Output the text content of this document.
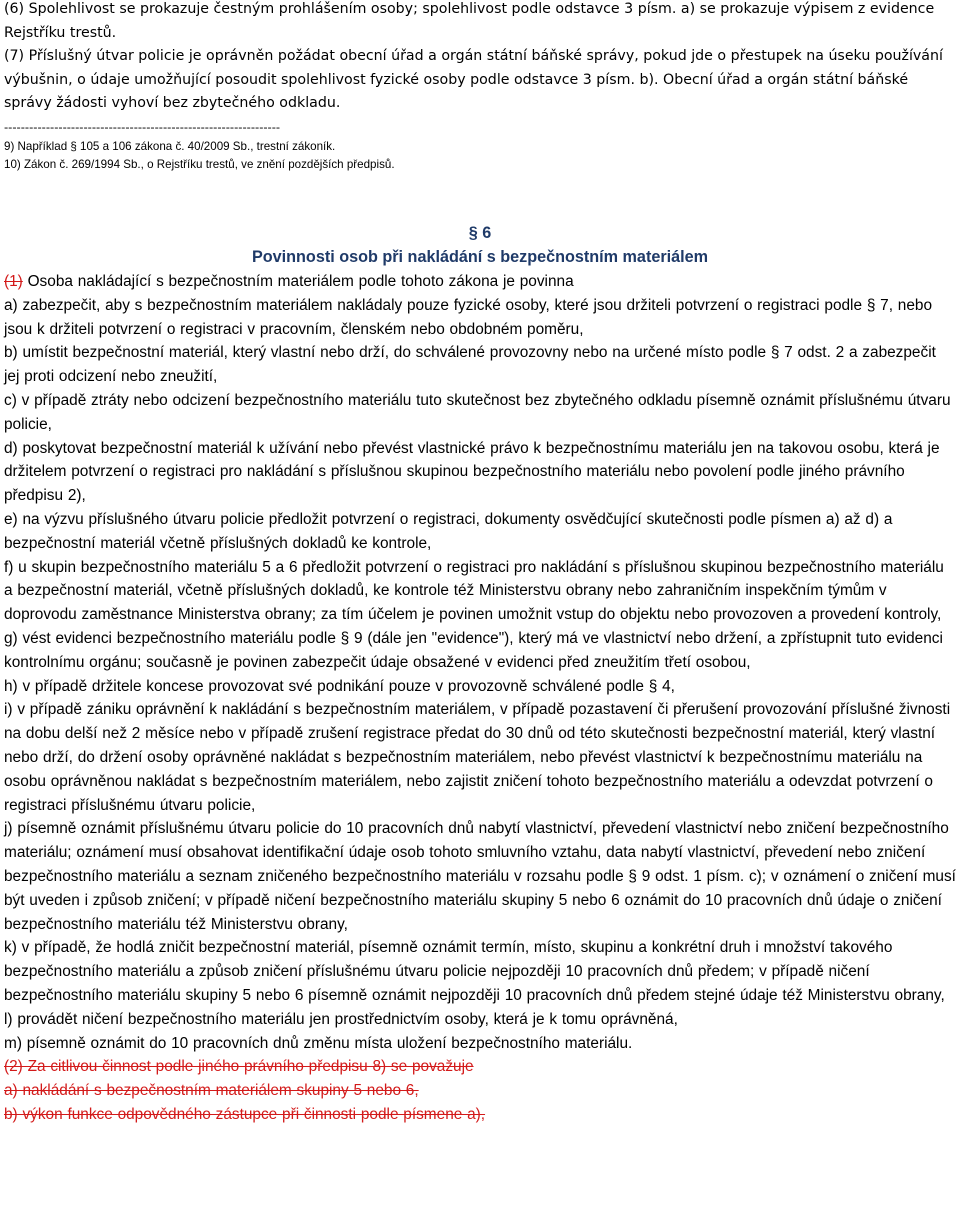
(6) Spolehlivost se prokazuje čestným prohlášením osoby; spolehlivost podle odstavce 3 písm. a) se prokazuje výpisem z evidence Rejstříku trestů.
(7) Příslušný útvar policie je oprávněn požádat obecní úřad a orgán státní báňské správy, pokud jde o přestupek na úseku používání výbušnin, o údaje umožňující posoudit spolehlivost fyzické osoby podle odstavce 3 písm. b). Obecní úřad a orgán státní báňské správy žádosti vyhoví bez zbytečného odkladu.
------------------------------------------------------------------
9) Například § 105 a 106 zákona č. 40/2009 Sb., trestní zákoník.
10) Zákon č. 269/1994 Sb., o Rejstříku trestů, ve znění pozdějších předpisů.
§ 6
Povinnosti osob při nakládání s bezpečnostním materiálem

(1) Osoba nakládající s bezpečnostním materiálem podle tohoto zákona je povinna

a) zabezpečit, aby s bezpečnostním materiálem nakládaly pouze fyzické osoby, které jsou držiteli potvrzení o registraci podle § 7, nebo jsou k držiteli potvrzení o registraci v pracovním, členském nebo obdobném poměru,

b) umístit bezpečnostní materiál, který vlastní nebo drží, do schválené provozovny nebo na určené místo podle § 7 odst. 2 a zabezpečit jej proti odcizení nebo zneužití,

c) v případě ztráty nebo odcizení bezpečnostního materiálu tuto skutečnost bez zbytečného odkladu písemně oznámit příslušnému útvaru policie,

d) poskytovat bezpečnostní materiál k užívání nebo převést vlastnické právo k bezpečnostnímu materiálu jen na takovou osobu, která je držitelem potvrzení o registraci pro nakládání s příslušnou skupinou bezpečnostního materiálu nebo povolení podle jiného právního předpisu 2),

e) na výzvu příslušného útvaru policie předložit potvrzení o registraci, dokumenty osvědčující skutečnosti podle písmen a) až d) a bezpečnostní materiál včetně příslušných dokladů ke kontrole,

f) u skupin bezpečnostního materiálu 5 a 6 předložit potvrzení o registraci pro nakládání s příslušnou skupinou bezpečnostního materiálu a bezpečnostní materiál, včetně příslušných dokladů, ke kontrole též Ministerstvu obrany nebo zahraničním inspekčním týmům v doprovodu zaměstnance Ministerstva obrany; za tím účelem je povinen umožnit vstup do objektu nebo provozoven a provedení kontroly,

g) vést evidenci bezpečnostního materiálu podle § 9 (dále jen "evidence"), který má ve vlastnictví nebo držení, a zpřístupnit tuto evidenci kontrolnímu orgánu; současně je povinen zabezpečit údaje obsažené v evidenci před zneužitím třetí osobou,

h) v případě držitele koncese provozovat své podnikání pouze v provozovně schválené podle § 4,

i) v případě zániku oprávnění k nakládání s bezpečnostním materiálem, v případě pozastavení či přerušení provozování příslušné živnosti na dobu delší než 2 měsíce nebo v případě zrušení registrace předat do 30 dnů od této skutečnosti bezpečnostní materiál, který vlastní nebo drží, do držení osoby oprávněné nakládat s bezpečnostním materiálem, nebo převést vlastnictví k bezpečnostnímu materiálu na osobu oprávněnou nakládat s bezpečnostním materiálem, nebo zajistit zničení tohoto bezpečnostního materiálu a odevzdat potvrzení o registraci příslušnému útvaru policie,

j) písemně oznámit příslušnému útvaru policie do 10 pracovních dnů nabytí vlastnictví, převedení vlastnictví nebo zničení bezpečnostního materiálu; oznámení musí obsahovat identifikační údaje osob tohoto smluvního vztahu, data nabytí vlastnictví, převedení nebo zničení bezpečnostního materiálu a seznam zničeného bezpečnostního materiálu v rozsahu podle § 9 odst. 1 písm. c); v oznámení o zničení musí být uveden i způsob zničení; v případě ničení bezpečnostního materiálu skupiny 5 nebo 6 oznámit do 10 pracovních dnů údaje o zničení bezpečnostního materiálu též Ministerstvu obrany,

k) v případě, že hodlá zničit bezpečnostní materiál, písemně oznámit termín, místo, skupinu a konkrétní druh i množství takového bezpečnostního materiálu a způsob zničení příslušnému útvaru policie nejpozději 10 pracovních dnů předem; v případě ničení bezpečnostního materiálu skupiny 5 nebo 6 písemně oznámit nejpozději 10 pracovních dnů předem stejné údaje též Ministerstvu obrany,

l) provádět ničení bezpečnostního materiálu jen prostřednictvím osoby, která je k tomu oprávněná,

m) písemně oznámit do 10 pracovních dnů změnu místa uložení bezpečnostního materiálu.

(2) Za citlivou činnost podle jiného právního předpisu 8) se považuje

a) nakládání s bezpečnostním materiálem skupiny 5 nebo 6,

b) výkon funkce odpovědného zástupce při činnosti podle písmene a),
